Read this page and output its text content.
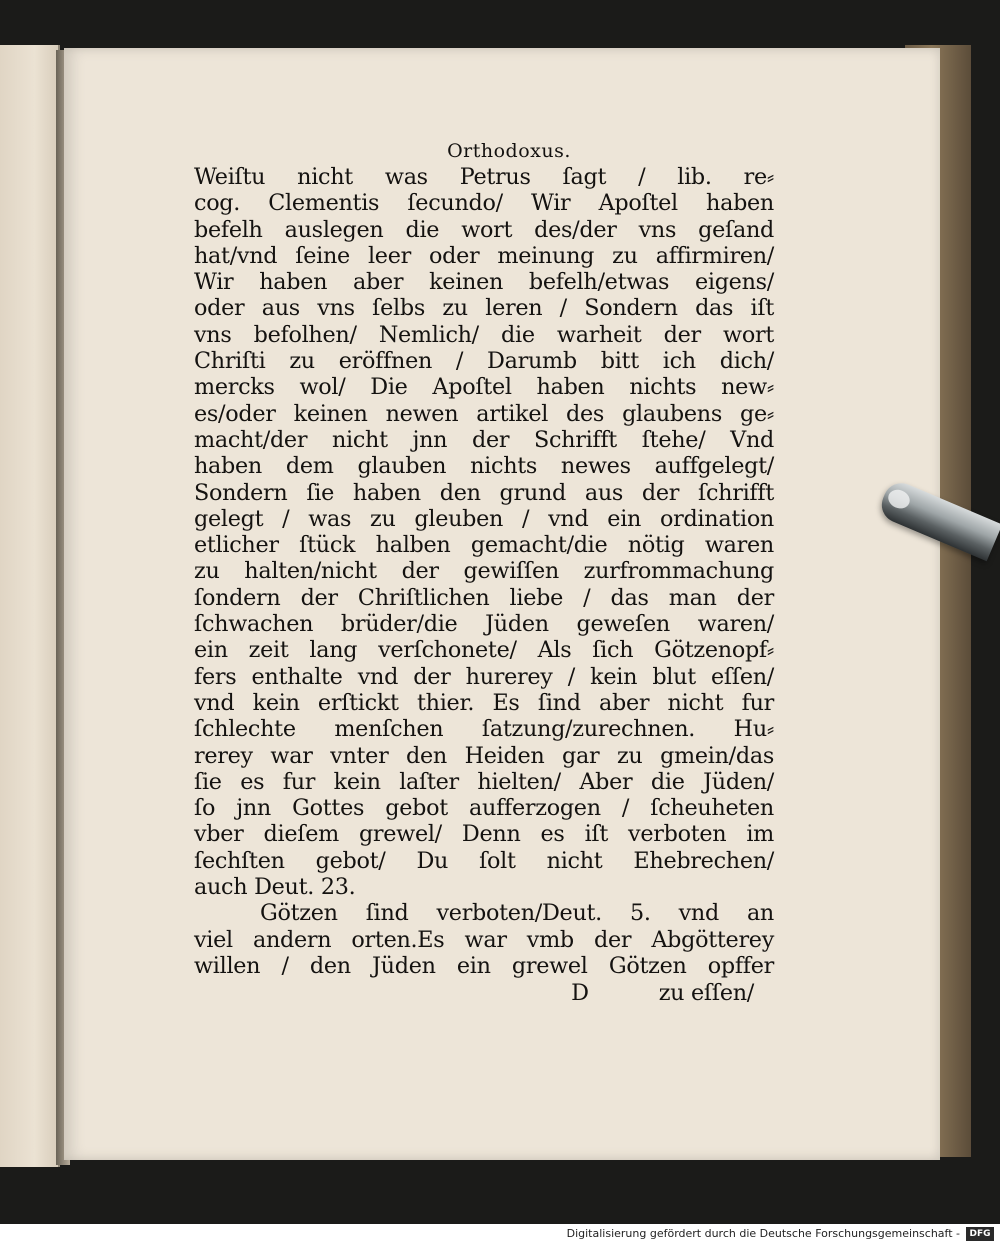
Orthodoxus.
Weiſtu nicht was Petrus ſagt / lib. re⸗
cog. Clementis ſecundo/ Wir Apoſtel haben
befelh auslegen die wort des/der vns geſand
hat/vnd ſeine leer oder meinung zu affirmiren/
Wir haben aber keinen befelh/etwas eigens/
oder aus vns ſelbs zu leren / Sondern das iſt
vns befolhen/ Nemlich/ die warheit der wort
Chriſti zu eröffnen / Darumb bitt ich dich/
mercks wol/ Die Apoſtel haben nichts new⸗
es/oder keinen newen artikel des glaubens ge⸗
macht/der nicht jnn der Schrifft ſtehe/ Vnd
haben dem glauben nichts newes auffgelegt/
Sondern ſie haben den grund aus der ſchrifft
gelegt / was zu gleuben / vnd ein ordination
etlicher ſtück halben gemacht/die nötig waren
zu halten/nicht der gewiſſen zurfrommachung
ſondern der Chriſtlichen liebe / das man der
ſchwachen brüder/die Jüden geweſen waren/
ein zeit lang verſchonete/ Als ſich Götzenopf⸗
fers enthalte vnd der hurerey / kein blut eſſen/
vnd kein erſtickt thier. Es ſind aber nicht fur
ſchlechte menſchen ſatzung/zurechnen. Hu⸗
rerey war vnter den Heiden gar zu gmein/das
ſie es fur kein laſter hielten/ Aber die Jüden/
ſo jnn Gottes gebot aufferzogen / ſcheuheten
vber dieſem grewel/ Denn es iſt verboten im
ſechſten gebot/ Du ſolt nicht Ehebrechen/
auch Deut. 23.
Götzen ſind verboten/Deut. 5. vnd an
viel andern orten.Es war vmb der Abgötterey
willen / den Jüden ein grewel Götzen opffer
D	zu eſſen/
Digitalisierung gefördert durch die Deutsche Forschungsgemeinschaft -	DFG
